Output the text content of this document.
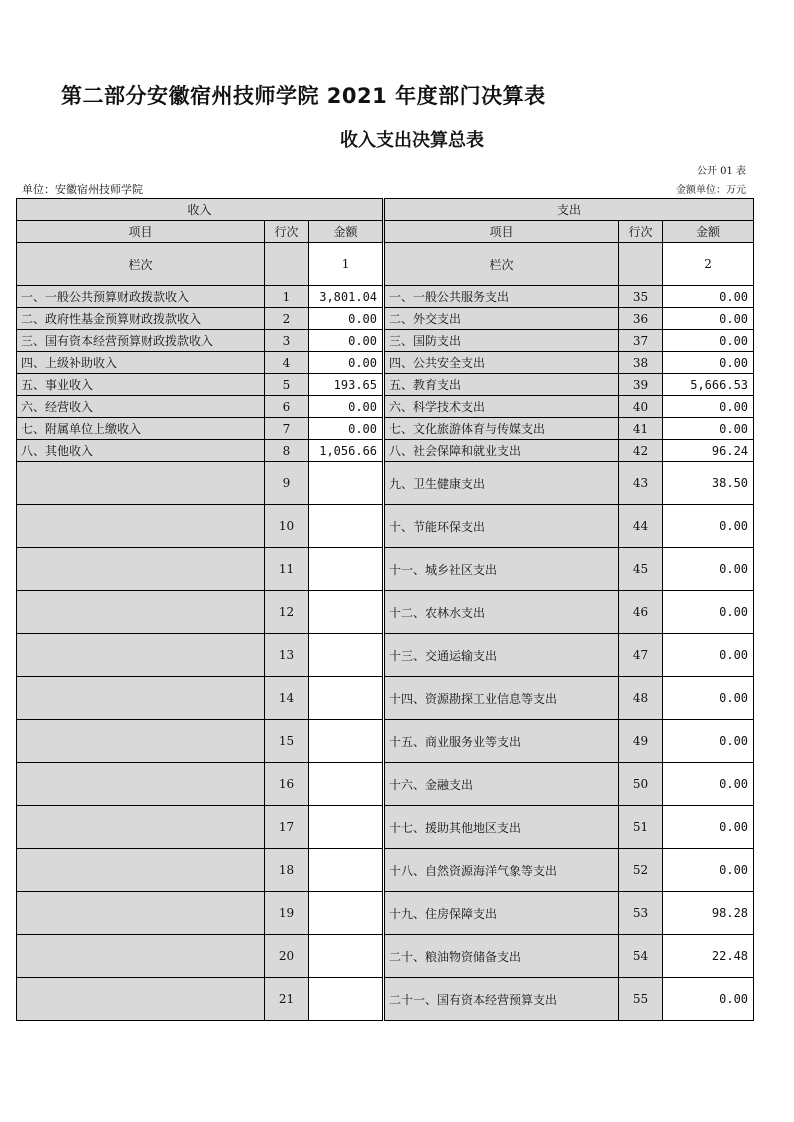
第二部分安徽宿州技师学院 2021 年度部门决算表
收入支出决算总表
公开 01 表
单位：安徽宿州技师学院	金额单位：万元
收入				支出		
项目	行次	金额		项目	行次	金额
栏次		1		栏次		2
一、一般公共预算财政拨款收入	1	3,801.04		一、一般公共服务支出	35	0.00
二、政府性基金预算财政拨款收入	2	0.00		二、外交支出	36	0.00
三、国有资本经营预算财政拨款收入	3	0.00		三、国防支出	37	0.00
四、上级补助收入	4	0.00		四、公共安全支出	38	0.00
五、事业收入	5	193.65		五、教育支出	39	5,666.53
六、经营收入	6	0.00		六、科学技术支出	40	0.00
七、附属单位上缴收入	7	0.00		七、文化旅游体育与传媒支出	41	0.00
八、其他收入	8	1,056.66		八、社会保障和就业支出	42	96.24
	9			九、卫生健康支出	43	38.50
	10			十、节能环保支出	44	0.00
	11			十一、城乡社区支出	45	0.00
	12			十二、农林水支出	46	0.00
	13			十三、交通运输支出	47	0.00
	14			十四、资源勘探工业信息等支出	48	0.00
	15			十五、商业服务业等支出	49	0.00
	16			十六、金融支出	50	0.00
	17			十七、援助其他地区支出	51	0.00
	18			十八、自然资源海洋气象等支出	52	0.00
	19			十九、住房保障支出	53	98.28
	20			二十、粮油物资储备支出	54	22.48
	21			二十一、国有资本经营预算支出	55	0.00
